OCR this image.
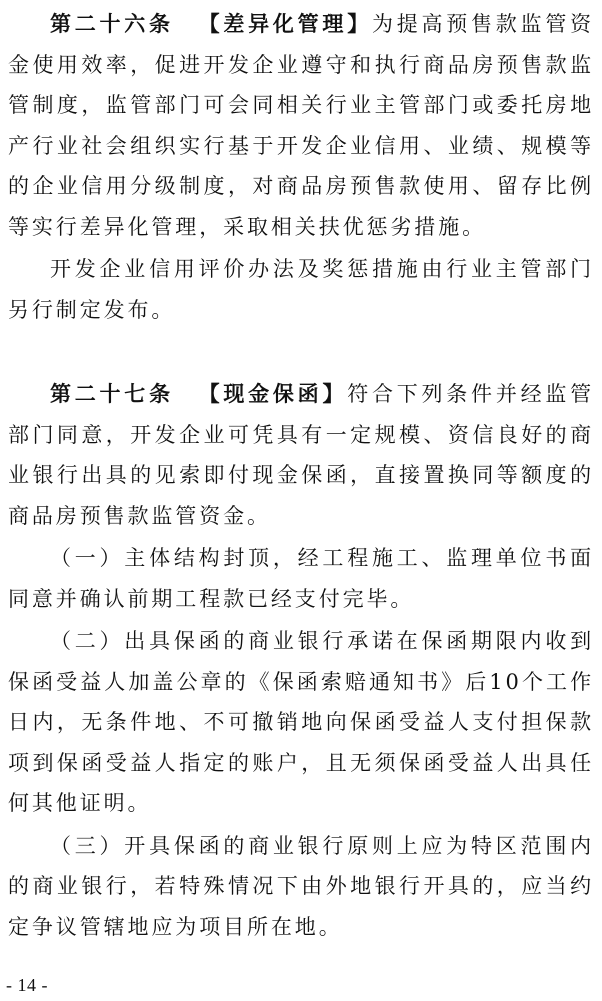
第二十六条  【差异化管理】为提高预售款监管资金使用效率，促进开发企业遵守和执行商品房预售款监管制度，监管部门可会同相关行业主管部门或委托房地产行业社会组织实行基于开发企业信用、业绩、规模等的企业信用分级制度，对商品房预售款使用、留存比例等实行差异化管理，采取相关扶优惩劣措施。

开发企业信用评价办法及奖惩措施由行业主管部门另行制定发布。

第二十七条  【现金保函】符合下列条件并经监管部门同意，开发企业可凭具有一定规模、资信良好的商业银行出具的见索即付现金保函，直接置换同等额度的商品房预售款监管资金。

（一）主体结构封顶，经工程施工、监理单位书面同意并确认前期工程款已经支付完毕。

（二）出具保函的商业银行承诺在保函期限内收到保函受益人加盖公章的《保函索赔通知书》后10个工作日内，无条件地、不可撤销地向保函受益人支付担保款项到保函受益人指定的账户，且无须保函受益人出具任何其他证明。

（三）开具保函的商业银行原则上应为特区范围内的商业银行，若特殊情况下由外地银行开具的，应当约定争议管辖地应为项目所在地。

- 14 -
